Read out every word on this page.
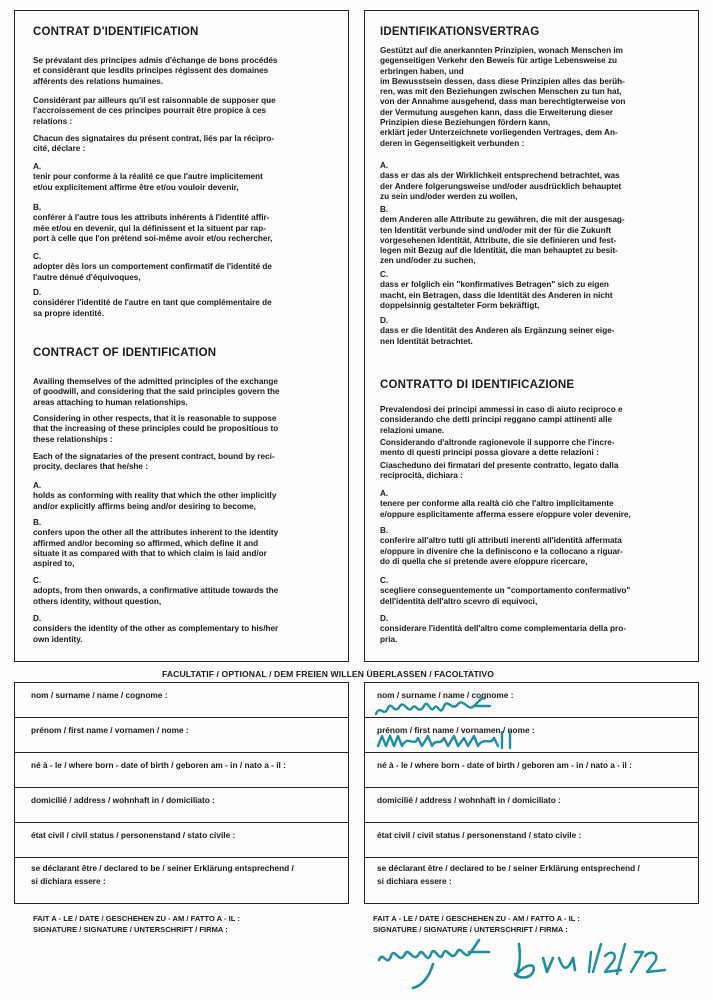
CONTRAT D'IDENTIFICATION
Se prévalant des principes admis d'échange de bons procédés
et considérant que lesdits principes régissent des domaines
afférents des relations humaines.
Considérant par ailleurs qu'il est raisonnable de supposer que
l'accroissement de ces principes pourrait être propice à ces
relations :
Chacun des signataires du présent contrat, liés par la récipro-
cité, déclare :
A.
tenir pour conforme à la réalité ce que l'autre implicitement
et/ou explicitement affirme être et/ou vouloir devenir,
B.
conférer à l'autre tous les attributs inhérents à l'identité affir-
mée et/ou en devenir, qui la définissent et la situent par rap-
port à celle que l'on prétend soi-même avoir et/ou rechercher,
C.
adopter dès lors un comportement confirmatif de l'identité de
l'autre dénué d'équivoques,
D.
considérer l'identité de l'autre en tant que complémentaire de
sa propre identité.
CONTRACT OF IDENTIFICATION
Availing themselves of the admitted principles of the exchange
of goodwill, and considering that the said principles govern the
areas attaching to human relationships.
Considering in other respects, that it is reasonable to suppose
that the increasing of these principles could be propositious to
these relationships :
Each of the signataries of the present contract, bound by reci-
procity, declares that he/she :
A.
holds as conforming with reality that which the other implicitly
and/or explicitly affirms being and/or desiring to become,
B.
confers upon the other all the attributes inherent to the identity
affirmed and/or becoming so affirmed, which define it and
situate it as compared with that to which claim is laid and/or
aspired to,
C.
adopts, from then onwards, a confirmative attitude towards the
others identity, without question,
D.
considers the identity of the other as complementary to his/her
own identity.
IDENTIFIKATIONSVERTRAG
Gestützt auf die anerkannten Prinzipien, wonach Menschen im
gegenseitigen Verkehr den Beweis für artige Lebensweise zu
erbringen haben, und
im Bewusstsein dessen, dass diese Prinzipien alles das berüh-
ren, was mit den Beziehungen zwischen Menschen zu tun hat,
von der Annahme ausgehend, dass man berechtigterweise von
der Vermutung ausgehen kann, dass die Erweiterung dieser
Prinzipien diese Beziehungen fördern kann,
erklärt jeder Unterzeichnete vorliegenden Vertrages, dem An-
deren in Gegenseitigkeit verbunden :
A.
dass er das als der Wirklichkeit entsprechend betrachtet, was
der Andere folgerungsweise und/oder ausdrücklich behauptet
zu sein und/oder werden zu wollen,
B.
dem Anderen alle Attribute zu gewähren, die mit der ausgesag-
ten Identität verbunde sind und/oder mit der für die Zukunft
vorgesehenen Identität, Attribute, die sie definieren und fest-
legen mit Bezug auf die Identität, die man behauptet zu besit-
zen und/oder zu suchen,
C.
dass er folglich ein "konfirmatives Betragen" sich zu eigen
macht, ein Betragen, dass die Identität des Anderen in nicht
doppelsinnig gestalteter Form bekräftigt,
D.
dass er die Identität des Anderen als Ergänzung seiner eige-
nen Identität betrachtet.
CONTRATTO DI IDENTIFICAZIONE
Prevalendosi dei principi ammessi in caso di aiuto reciproco e
considerando che detti principi reggano campi attinenti alle
relazioni umane.
Considerando d'altronde ragionevole il supporre che l'incre-
mento di questi principi possa giovare a dette relazioni :
Ciascheduno dei firmatari del presente contratto, legato dalla
reciprocità, dichiara :
A.
tenere per conforme alla realtà ciò che l'altro implicitamente
e/oppure esplicitamente afferma essere e/oppure voler devenire,
B.
conferire all'altro tutti gli attributi inerenti all'identità affermata
e/oppure in divenire che la definiscono e la collocano a riguar-
do di quella che si pretende avere e/oppure ricercare,
C.
scegliere conseguentemente un "comportamento confermativo"
dell'identità dell'altro scevro di equivoci,
D.
considerare l'identità dell'altro come complementaria della pro-
pria.
FACULTATIF / OPTIONAL / DEM FREIEN WILLEN ÜBERLASSEN / FACOLTATIVO
nom / surname / name / cognome :
prénom / first name / vornamen / nome :
né à - le / where born - date of birth / geboren am - in / nato a - il :
domicilié / address / wohnhaft in / domiciliato :
état civil / civil status / personenstand / stato civile :
se déclarant être / declared to be / seiner Erklärung entsprechend /
si dichiara essere :
nom / surname / name / cognome :
prénom / first name / vornamen / nome :
né à - le / where born - date of birth / geboren am - in / nato a - il :
domicilié / address / wohnhaft in / domiciliato :
état civil / civil status / personenstand / stato civile :
se déclarant être / declared to be / seiner Erklärung entsprechend /
si dichiara essere :
FAIT A - LE / DATE / GESCHEHEN ZU - AM / FATTO A - IL :
SIGNATURE / SIGNATURE / UNTERSCHRIFT / FIRMA :
FAIT A - LE / DATE / GESCHEHEN ZU - AM / FATTO A - IL :
SIGNATURE / SIGNATURE / UNTERSCHRIFT / FIRMA :
